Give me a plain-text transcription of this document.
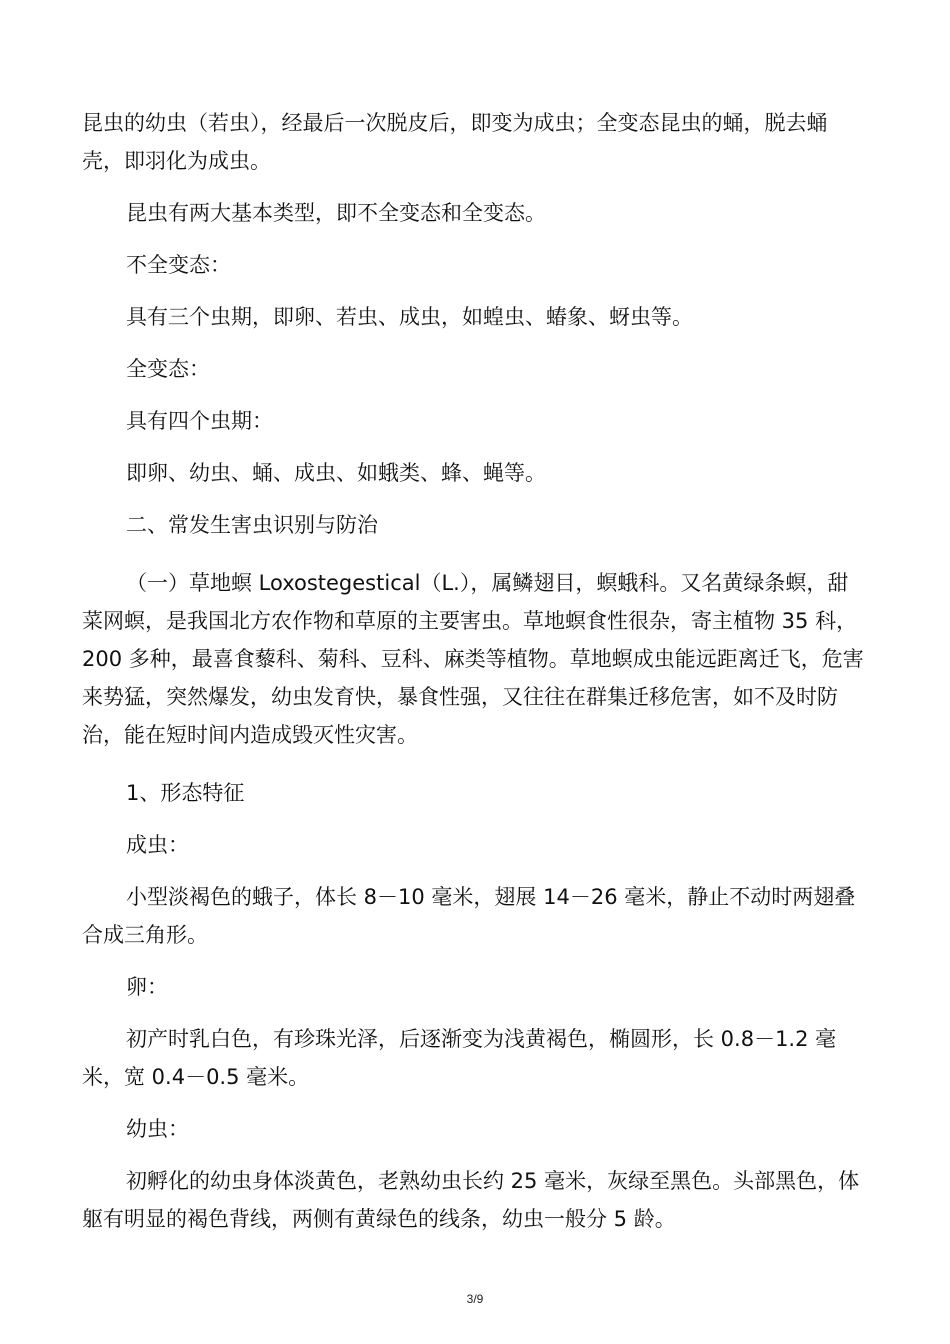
昆虫的幼虫（若虫），经最后一次脱皮后，即变为成虫；全变态昆虫的蛹，脱去蛹壳，即羽化为成虫。

昆虫有两大基本类型，即不全变态和全变态。

不全变态：

具有三个虫期，即卵、若虫、成虫，如蝗虫、蝽象、蚜虫等。

全变态：

具有四个虫期：

即卵、幼虫、蛹、成虫、如蛾类、蜂、蝇等。

二、常发生害虫识别与防治

（一）草地螟 Loxostegestical（L.），属鳞翅目，螟蛾科。又名黄绿条螟，甜菜网螟，是我国北方农作物和草原的主要害虫。草地螟食性很杂，寄主植物 35 科，200 多种，最喜食藜科、菊科、豆科、麻类等植物。草地螟成虫能远距离迁飞，危害来势猛，突然爆发，幼虫发育快，暴食性强，又往往在群集迁移危害，如不及时防治，能在短时间内造成毁灭性灾害。

1、形态特征

成虫：

小型淡褐色的蛾子，体长 8－10 毫米，翅展 14－26 毫米，静止不动时两翅叠合成三角形。

卵：

初产时乳白色，有珍珠光泽，后逐渐变为浅黄褐色，椭圆形，长 0.8－1.2 毫米，宽 0.4－0.5 毫米。

幼虫：

初孵化的幼虫身体淡黄色，老熟幼虫长约 25 毫米，灰绿至黑色。头部黑色，体躯有明显的褐色背线，两侧有黄绿色的线条，幼虫一般分 5 龄。

3/9
